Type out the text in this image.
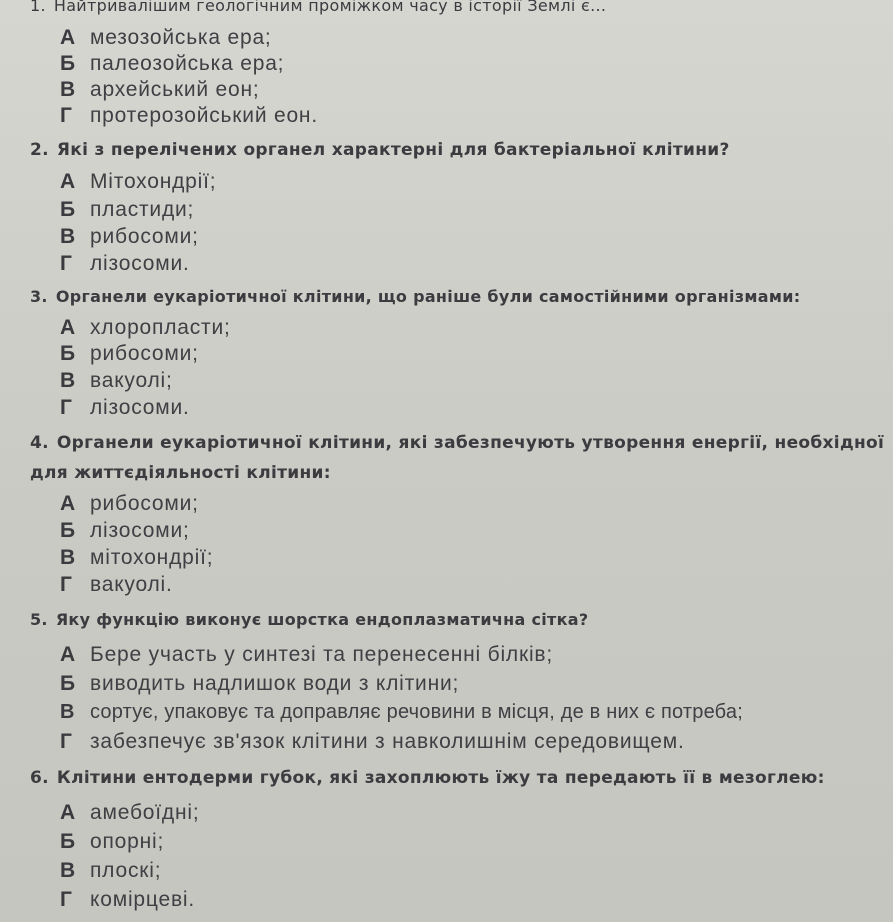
1. Найтривалішим геологічним проміжком часу в історії Землі є...
А мезозойська ера;
Б палеозойська ера;
В архейський еон;
Г протерозойський еон.
2. Які з перелічених органел характерні для бактеріальної клітини?
А Мітохондрії;
Б пластиди;
В рибосоми;
Г лізосоми.
3. Органели еукаріотичної клітини, що раніше були самостійними організмами:
А хлоропласти;
Б рибосоми;
В вакуолі;
Г лізосоми.
4. Органели еукаріотичної клітини, які забезпечують утворення енергії, необхідної
для життєдіяльності клітини:
А рибосоми;
Б лізосоми;
В мітохондрії;
Г вакуолі.
5. Яку функцію виконує шорстка ендоплазматична сітка?
А Бере участь у синтезі та перенесенні білків;
Б виводить надлишок води з клітини;
В сортує, упаковує та доправляє речовини в місця, де в них є потреба;
Г забезпечує зв'язок клітини з навколишнім середовищем.
6. Клітини ентодерми губок, які захоплюють їжу та передають її в мезоглею:
А амебоїдні;
Б опорні;
В плоскі;
Г комірцеві.
